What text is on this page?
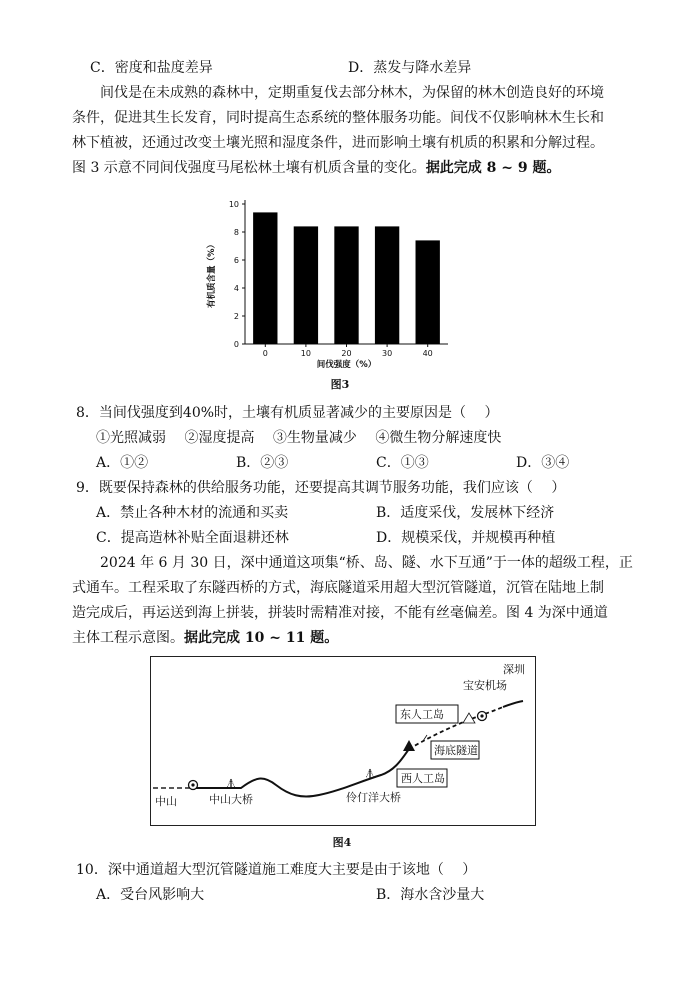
C．密度和盐度差异	D．蒸发与降水差异
间伐是在未成熟的森林中，定期重复伐去部分林木，为保留的林木创造良好的环境
条件，促进其生长发育，同时提高生态系统的整体服务功能。间伐不仅影响林木生长和
林下植被，还通过改变土壤光照和湿度条件，进而影响土壤有机质的积累和分解过程。
图 3 示意不同间伐强度马尾松林土壤有机质含量的变化。据此完成 8 ~ 9 题。
0
2
4
6
8
10
0	10	20	30	40
间伐强度（%）
有机质含量（%）
图3
8．当间伐强度到40%时，土壤有机质显著减少的主要原因是（　 ）
①光照减弱　 ②湿度提高　 ③生物量减少　 ④微生物分解速度快
A．①②	B．②③	C．①③	D．③④
9．既要保持森林的供给服务功能，还要提高其调节服务功能，我们应该（　 ）
A．禁止各种木材的流通和买卖	B．适度采伐，发展林下经济
C．提高造林补贴全面退耕还林	D．规模采伐，并规模再种植
2024 年 6 月 30 日，深中通道这项集“桥、岛、隧、水下互通”于一体的超级工程，正
式通车。工程采取了东隧西桥的方式，海底隧道采用超大型沉管隧道，沉管在陆地上制
造完成后，再运送到海上拼装，拼装时需精准对接，不能有丝毫偏差。图 4 为深中通道
主体工程示意图。据此完成 10 ~ 11 题。
中山	中山大桥	伶仃洋大桥
西人工岛
海底隧道
东人工岛
宝安机场
深圳
图4
10．深中通道超大型沉管隧道施工难度大主要是由于该地（　 ）
A．受台风影响大	B．海水含沙量大
